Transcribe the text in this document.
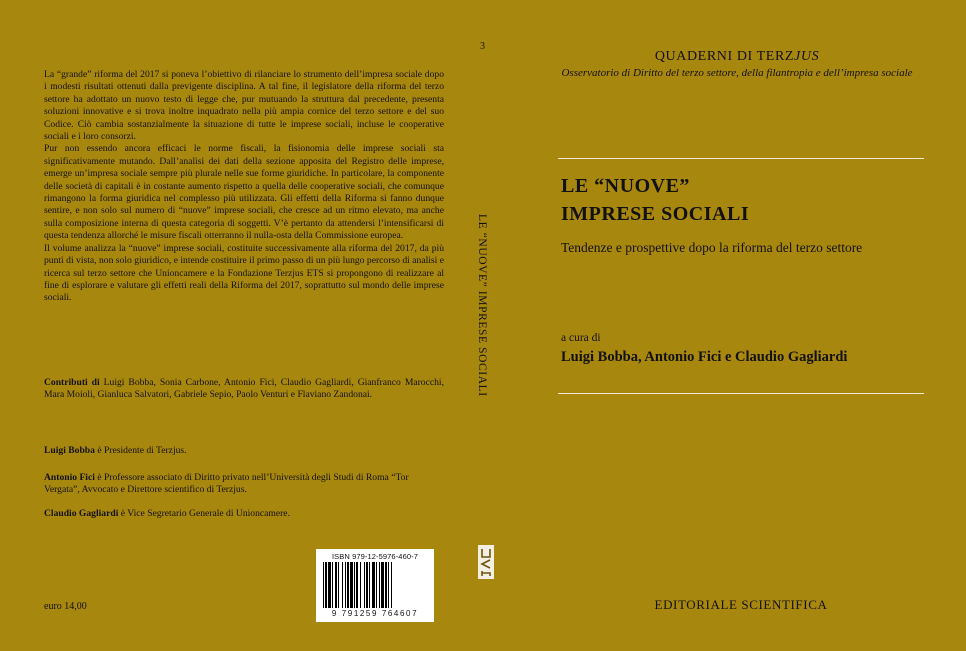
La “grande” riforma del 2017 si poneva l’obiettivo di rilanciare lo strumento dell’impresa sociale dopo i modesti risultati ottenuti dalla previgente disciplina. A tal fine, il legislatore della riforma del terzo settore ha adottato un nuovo testo di legge che, pur mutuando la struttura dal precedente, presenta soluzioni innovative e si trova inoltre inquadrato nella più ampia cornice del terzo settore e del suo Codice. Ciò cambia sostanzialmente la situazione di tutte le imprese sociali, incluse le cooperative sociali e i loro consorzi.

Pur non essendo ancora efficaci le norme fiscali, la fisionomia delle imprese sociali sta significativamente mutando. Dall’analisi dei dati della sezione apposita del Registro delle imprese, emerge un’impresa sociale sempre più plurale nelle sue forme giuridiche. In particolare, la componente delle società di capitali è in costante aumento rispetto a quella delle cooperative sociali, che comunque rimangono la forma giuridica nel complesso più utilizzata. Gli effetti della Riforma si fanno dunque sentire, e non solo sul numero di “nuove” imprese sociali, che cresce ad un ritmo elevato, ma anche sulla composizione interna di questa categoria di soggetti. V’è pertanto da attendersi l’intensificarsi di questa tendenza allorché le misure fiscali otterranno il nulla-osta della Commissione europea.

Il volume analizza la “nuove” imprese sociali, costituite successivamente alla riforma del 2017, da più punti di vista, non solo giuridico, e intende costituire il primo passo di un più lungo percorso di analisi e ricerca sul terzo settore che Unioncamere e la Fondazione Terzjus ETS si propongono di realizzare al fine di esplorare e valutare gli effetti reali della Riforma del 2017, soprattutto sul mondo delle imprese sociali.

Contributi di Luigi Bobba, Sonia Carbone, Antonio Fici, Claudio Gagliardi, Gianfranco Marocchi, Mara Moioli, Gianluca Salvatori, Gabriele Sepio, Paolo Venturi e Flaviano Zandonai.
Luigi Bobba è Presidente di Terzjus.
Antonio Fici è Professore associato di Diritto privato nell’Università degli Studi di Roma “Tor Vergata”, Avvocato e Direttore scientifico di Terzjus.
Claudio Gagliardi è Vice Segretario Generale di Unioncamere.
euro 14,00
ISBN 979-12-5976-460-7
9 791259 764607
3
LE “NUOVE” IMPRESE SOCIALI
QUADERNI DI TERZJUS
Osservatorio di Diritto del terzo settore, della filantropia e dell’impresa sociale
LE “NUOVE”
IMPRESE SOCIALI
Tendenze e prospettive dopo la riforma del terzo settore
a cura di
Luigi Bobba, Antonio Fici e Claudio Gagliardi
EDITORIALE SCIENTIFICA
